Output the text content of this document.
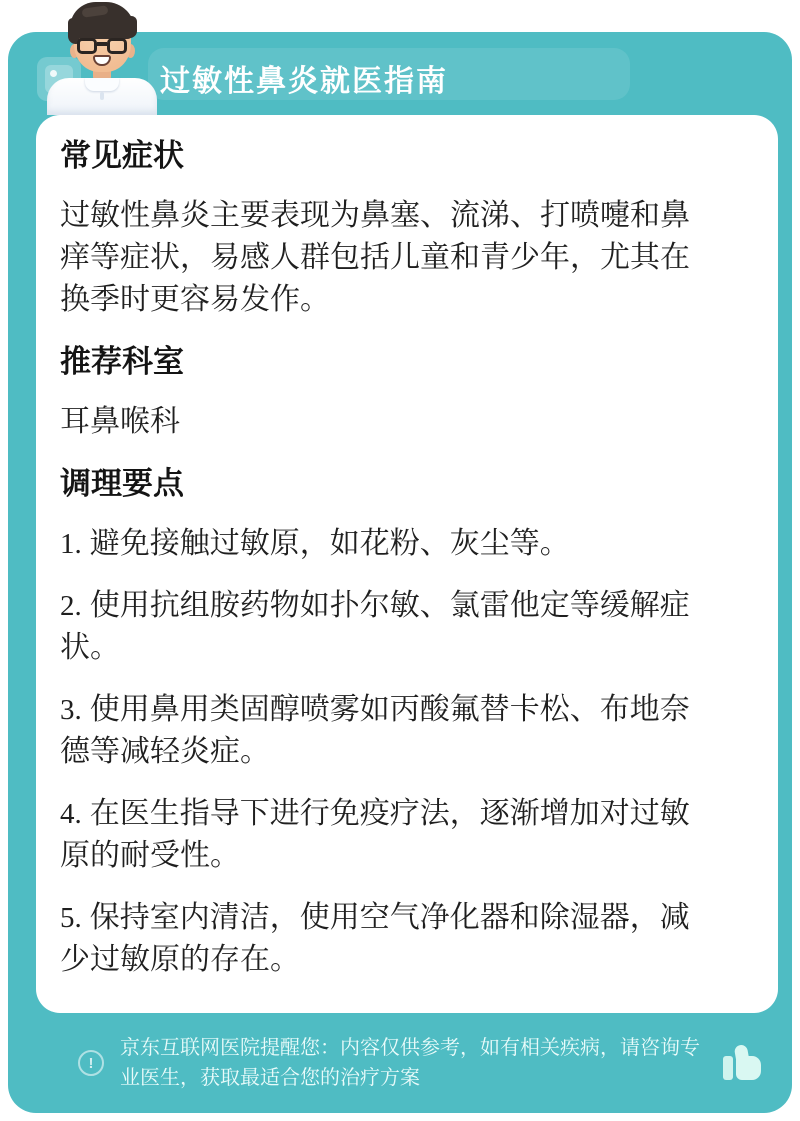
过敏性鼻炎就医指南
常见症状

过敏性鼻炎主要表现为鼻塞、流涕、打喷嚏和鼻痒等症状，易感人群包括儿童和青少年，尤其在换季时更容易发作。

推荐科室

耳鼻喉科

调理要点
1. 避免接触过敏原，如花粉、灰尘等。
2. 使用抗组胺药物如扑尔敏、氯雷他定等缓解症状。
3. 使用鼻用类固醇喷雾如丙酸氟替卡松、布地奈德等减轻炎症。
4. 在医生指导下进行免疫疗法，逐渐增加对过敏原的耐受性。
5. 保持室内清洁，使用空气净化器和除湿器，减少过敏原的存在。
!

京东互联网医院提醒您：内容仅供参考，如有相关疾病，请咨询专业医生，获取最适合您的治疗方案
